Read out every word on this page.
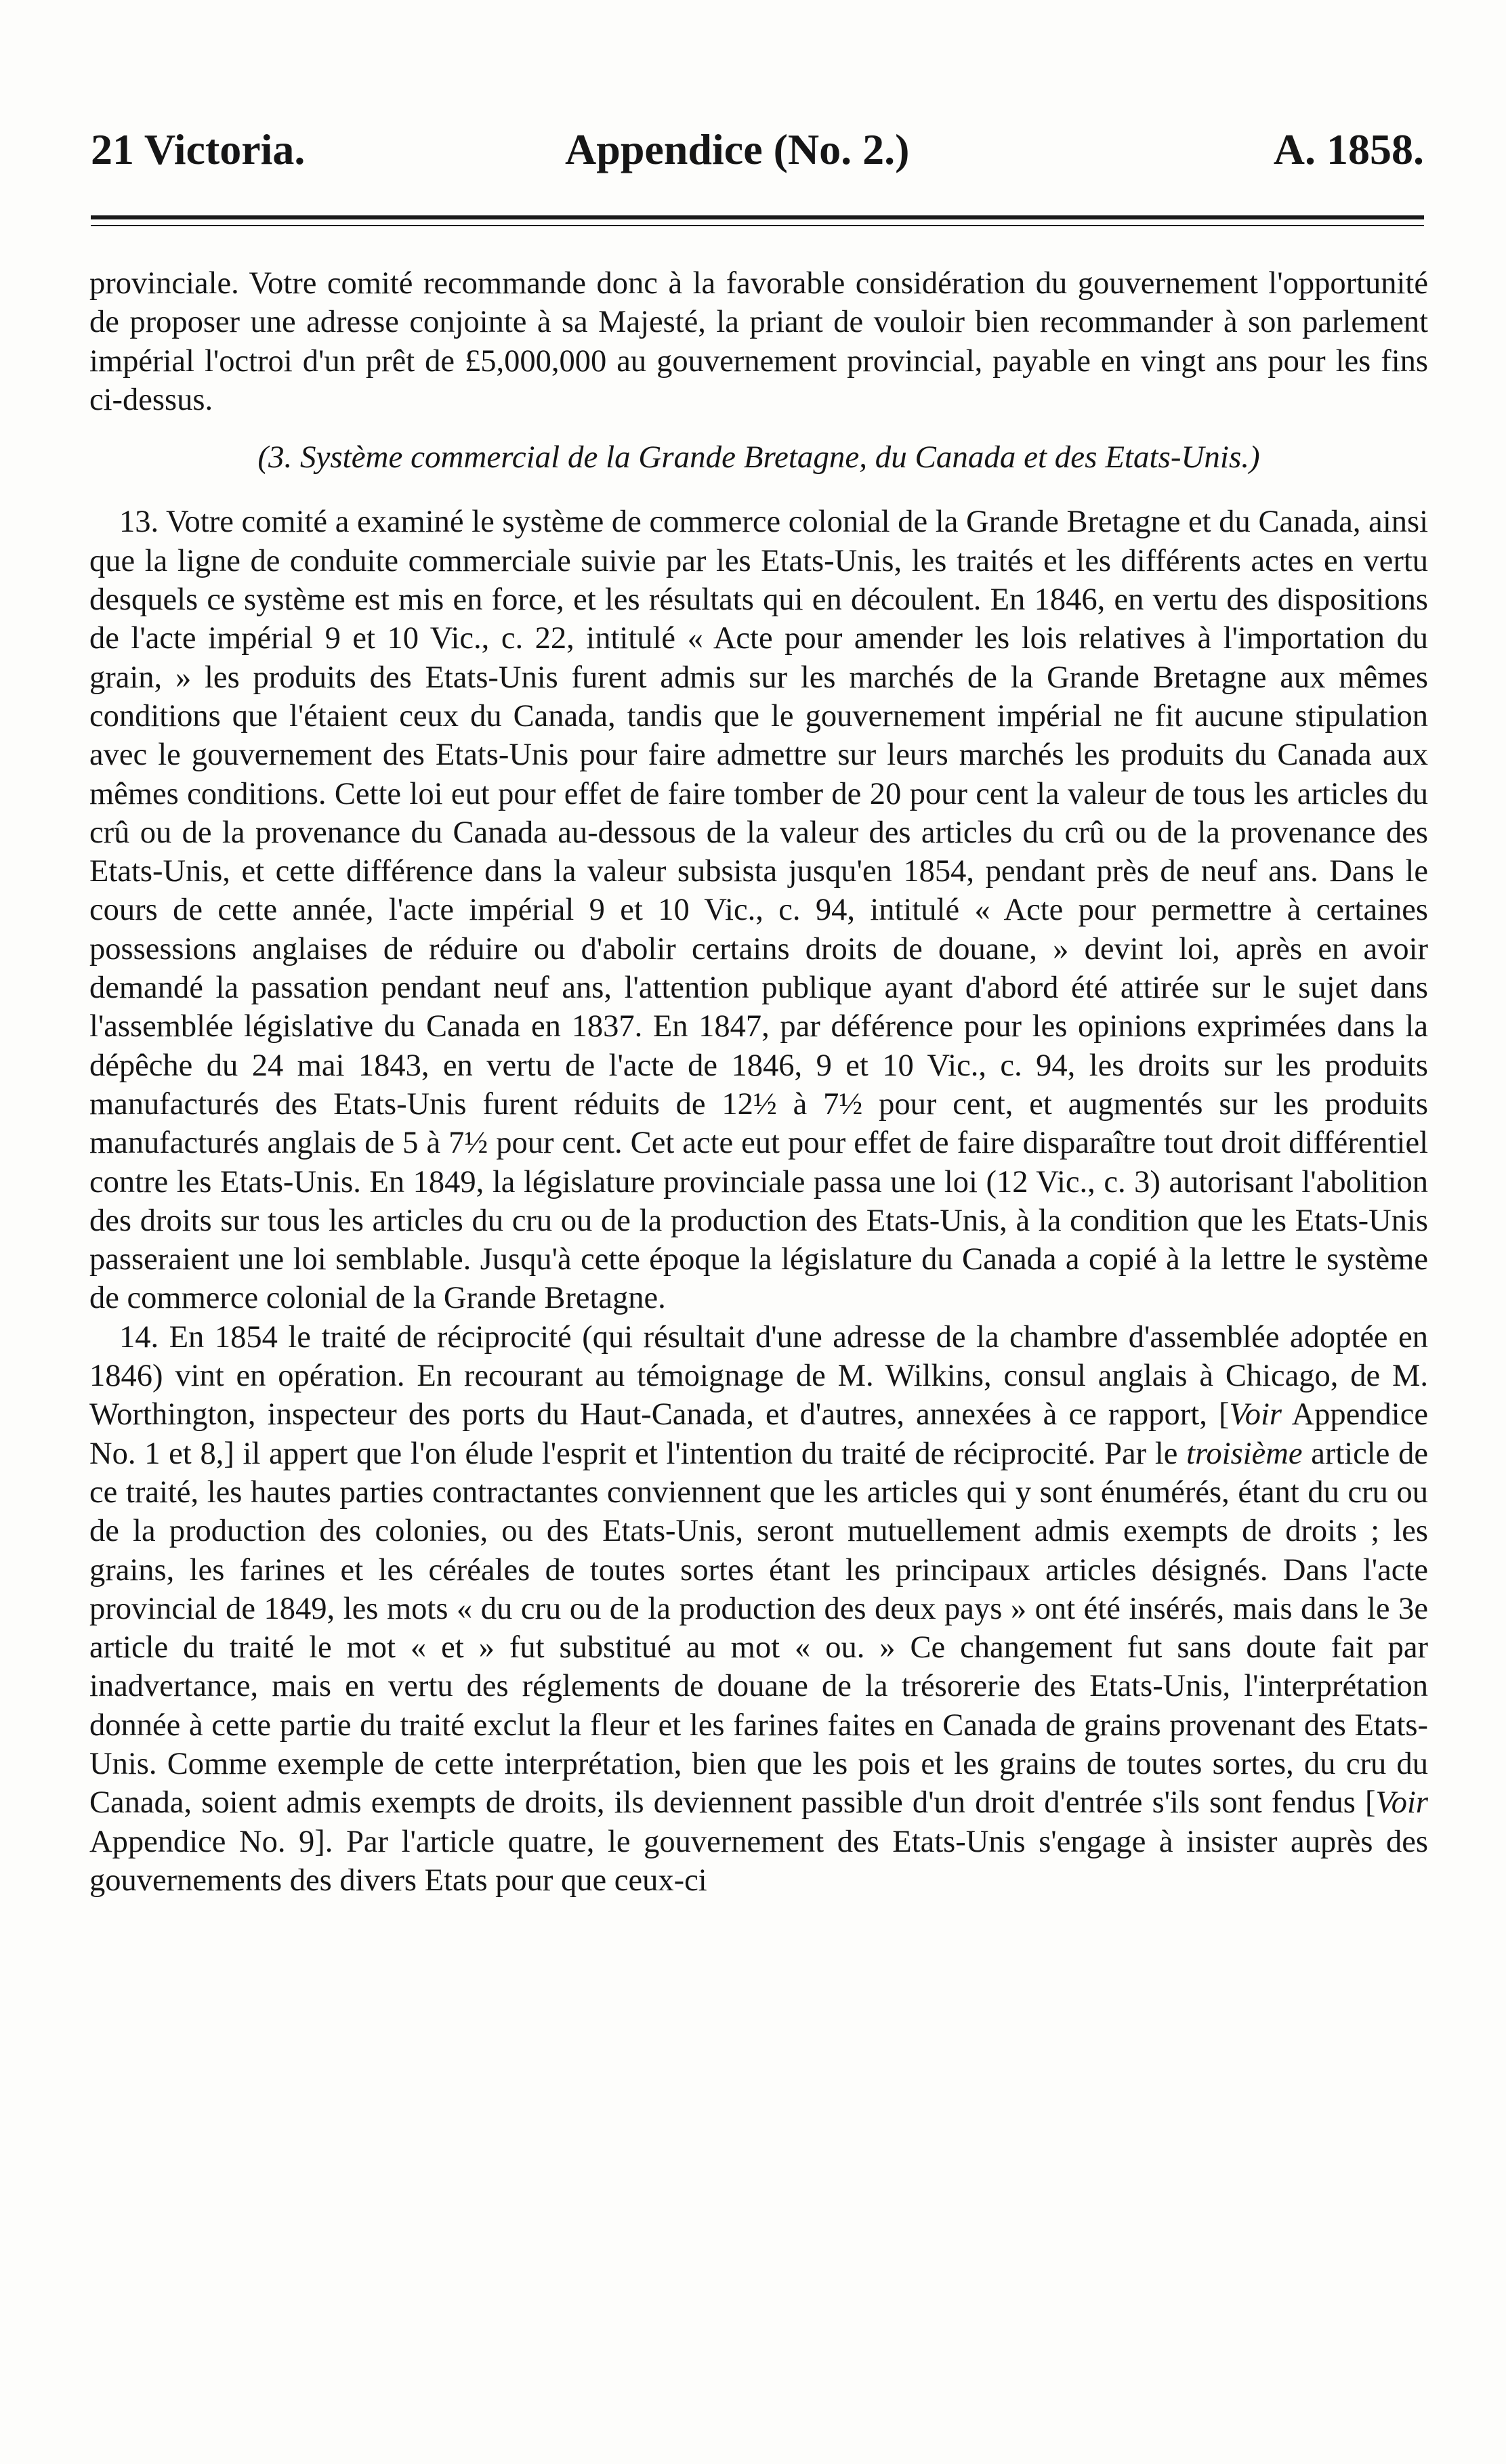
21 Victoria.	Appendice (No. 2.)	A. 1858.

provinciale. Votre comité recommande donc à la favorable considération du gouvernement l'opportunité de proposer une adresse conjointe à sa Majesté, la priant de vouloir bien recommander à son parlement impérial l'octroi d'un prêt de £5,000,000 au gouvernement provincial, payable en vingt ans pour les fins ci-dessus.

(3. Système commercial de la Grande Bretagne, du Canada et des Etats-Unis.)

13. Votre comité a examiné le système de commerce colonial de la Grande Bretagne et du Canada, ainsi que la ligne de conduite commerciale suivie par les Etats-Unis, les traités et les différents actes en vertu desquels ce système est mis en force, et les résultats qui en découlent. En 1846, en vertu des dispositions de l'acte impérial 9 et 10 Vic., c. 22, intitulé « Acte pour amender les lois relatives à l'importation du grain, » les produits des Etats-Unis furent admis sur les marchés de la Grande Bretagne aux mêmes conditions que l'étaient ceux du Canada, tandis que le gouvernement impérial ne fit aucune stipulation avec le gouvernement des Etats-Unis pour faire admettre sur leurs marchés les produits du Canada aux mêmes conditions. Cette loi eut pour effet de faire tomber de 20 pour cent la valeur de tous les articles du crû ou de la provenance du Canada au-dessous de la valeur des articles du crû ou de la provenance des Etats-Unis, et cette différence dans la valeur subsista jusqu'en 1854, pendant près de neuf ans. Dans le cours de cette année, l'acte impérial 9 et 10 Vic., c. 94, intitulé « Acte pour permettre à certaines possessions anglaises de réduire ou d'abolir certains droits de douane, » devint loi, après en avoir demandé la passation pendant neuf ans, l'attention publique ayant d'abord été attirée sur le sujet dans l'assemblée législative du Canada en 1837. En 1847, par déférence pour les opinions exprimées dans la dépêche du 24 mai 1843, en vertu de l'acte de 1846, 9 et 10 Vic., c. 94, les droits sur les produits manufacturés des Etats-Unis furent réduits de 12½ à 7½ pour cent, et augmentés sur les produits manufacturés anglais de 5 à 7½ pour cent. Cet acte eut pour effet de faire disparaître tout droit différentiel contre les Etats-Unis. En 1849, la législature provinciale passa une loi (12 Vic., c. 3) autorisant l'abolition des droits sur tous les articles du cru ou de la production des Etats-Unis, à la condition que les Etats-Unis passeraient une loi semblable. Jusqu'à cette époque la législature du Canada a copié à la lettre le système de commerce colonial de la Grande Bretagne.

14. En 1854 le traité de réciprocité (qui résultait d'une adresse de la chambre d'assemblée adoptée en 1846) vint en opération. En recourant au témoignage de M. Wilkins, consul anglais à Chicago, de M. Worthington, inspecteur des ports du Haut-Canada, et d'autres, annexées à ce rapport, [Voir Appendice No. 1 et 8,] il appert que l'on élude l'esprit et l'intention du traité de réciprocité. Par le troisième article de ce traité, les hautes parties contractantes conviennent que les articles qui y sont énumérés, étant du cru ou de la production des colonies, ou des Etats-Unis, seront mutuellement admis exempts de droits ; les grains, les farines et les céréales de toutes sortes étant les principaux articles désignés. Dans l'acte provincial de 1849, les mots « du cru ou de la production des deux pays » ont été insérés, mais dans le 3e article du traité le mot « et » fut substitué au mot « ou. » Ce changement fut sans doute fait par inadvertance, mais en vertu des réglements de douane de la trésorerie des Etats-Unis, l'interprétation donnée à cette partie du traité exclut la fleur et les farines faites en Canada de grains provenant des Etats-Unis. Comme exemple de cette interprétation, bien que les pois et les grains de toutes sortes, du cru du Canada, soient admis exempts de droits, ils deviennent passible d'un droit d'entrée s'ils sont fendus [Voir Appendice No. 9]. Par l'article quatre, le gouvernement des Etats-Unis s'engage à insister auprès des gouvernements des divers Etats pour que ceux-ci
